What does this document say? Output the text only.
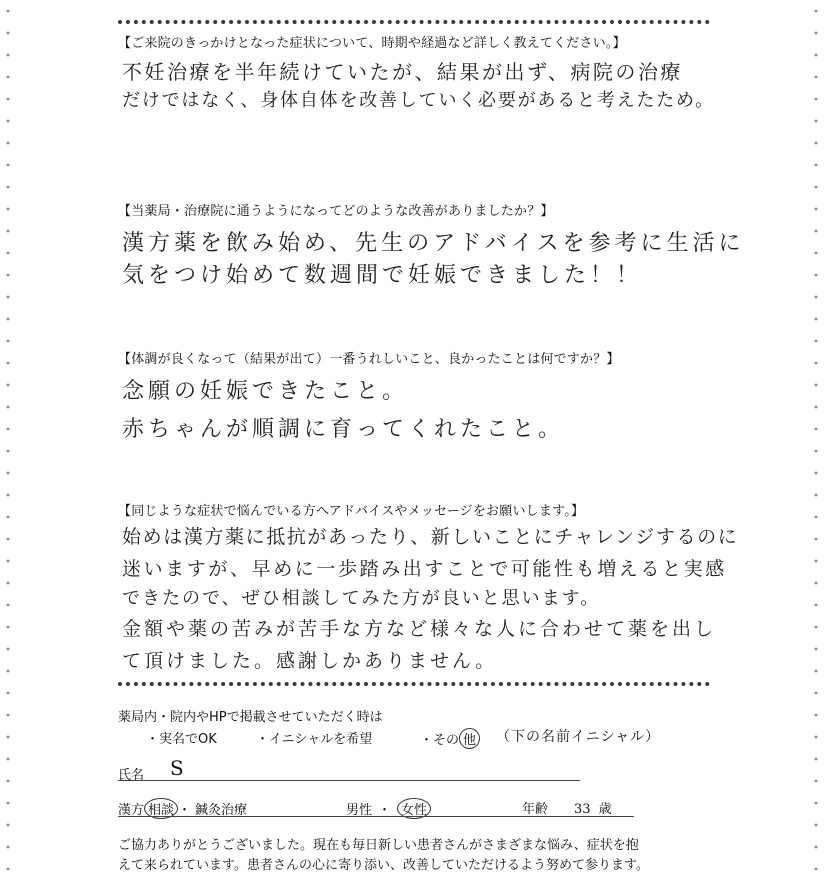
【ご来院のきっかけとなった症状について、時期や経過など詳しく教えてください。】
不妊治療を半年続けていたが、結果が出ず、病院の治療
だけではなく、身体自体を改善していく必要があると考えたため。
【当薬局・治療院に通うようになってどのような改善がありましたか？】
漢方薬を飲み始め、先生のアドバイスを参考に生活に
気をつけ始めて数週間で妊娠できました！！
【体調が良くなって（結果が出て）一番うれしいこと、良かったことは何ですか？】
念願の妊娠できたこと。
赤ちゃんが順調に育ってくれたこと。
【同じような症状で悩んでいる方へアドバイスやメッセージをお願いします。】
始めは漢方薬に抵抗があったり、新しいことにチャレンジするのに
迷いますが、早めに一歩踏み出すことで可能性も増えると実感
できたので、ぜひ相談してみた方が良いと思います。
金額や薬の苦みが苦手な方など様々な人に合わせて薬を出し
て頂けました。感謝しかありません。
薬局内・院内やHPで掲載させていただく時は
・実名でOK	・イニシャルを希望	・その 他 （下の名前イニシャル）
氏名 S
漢方 相談 ・ 鍼灸治療	男性 ・ 女性	年齢 33 歳
ご協力ありがとうございました。現在も毎日新しい患者さんがさまざまな悩み、症状を抱
えて来られています。患者さんの心に寄り添い、改善していただけるよう努めて参ります。
